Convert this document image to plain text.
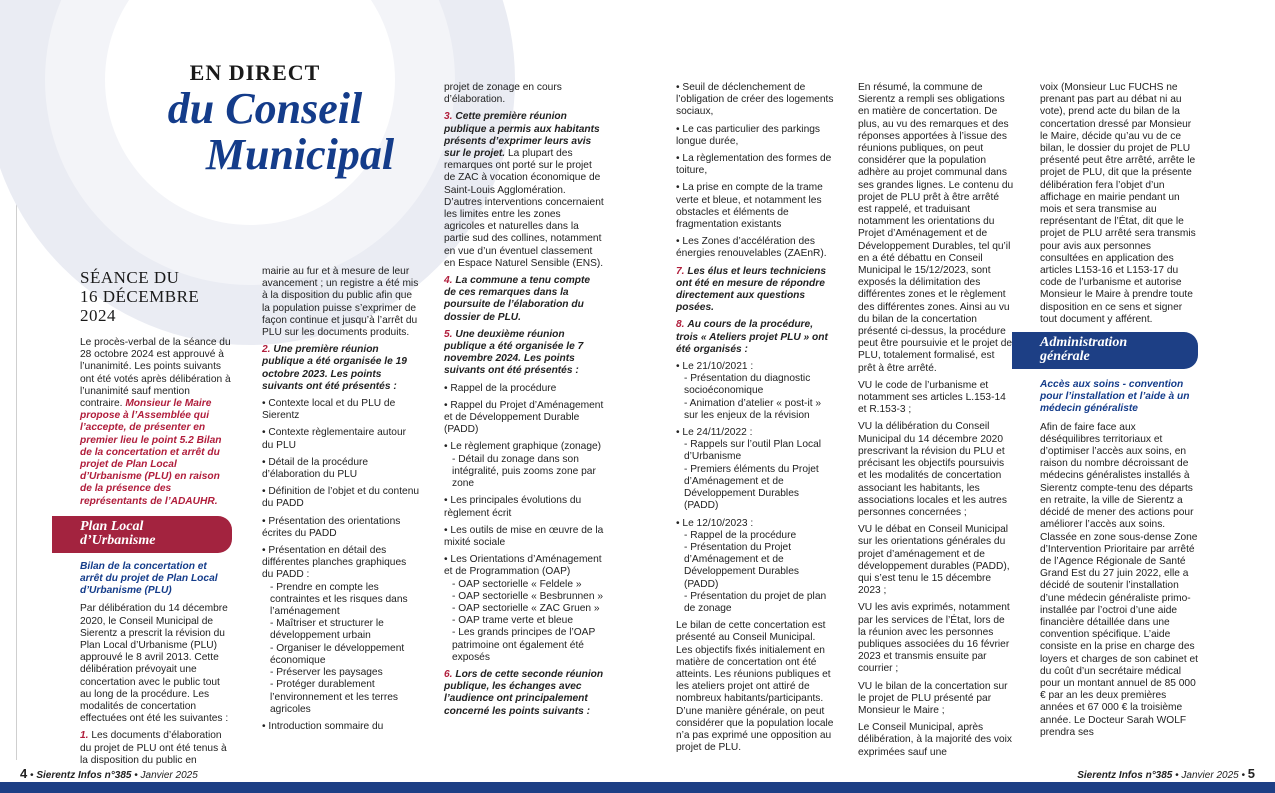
CONSEIL MUNICIPAL	EN DIRECT
du Conseil
Municipal
SÉANCE DU
16 DÉCEMBRE 2024

Le procès-verbal de la séance du 28 octobre 2024 est approuvé à l’unanimité. Les points suivants ont été votés après délibération à l’unanimité sauf mention contraire. Monsieur le Maire propose à l’Assemblée qui l’accepte, de présenter en premier lieu le point 5.2 Bilan de la concertation et arrêt du projet de Plan Local d’Urbanisme (PLU) en raison de la présence des représentants de l’ADAUHR.

Plan Local
d’Urbanisme
Bilan de la concertation et arrêt du projet de Plan Local d’Urbanisme (PLU)

Par délibération du 14 décembre 2020, le Conseil Municipal de Sierentz a prescrit la révision du Plan Local d’Urbanisme (PLU) approuvé le 8 avril 2013. Cette délibération prévoyait une concertation avec le public tout au long de la procédure. Les modalités de concertation effectuées ont été les suivantes :

1. Les documents d’élaboration du projet de PLU ont été tenus à la disposition du public en

mairie au fur et à mesure de leur avancement ; un registre a été mis à la disposition du public afin que la population puisse s’exprimer de façon continue et jusqu’à l’arrêt du PLU sur les documents produits.

2. Une première réunion publique a été organisée le 19 octobre 2023. Les points suivants ont été présentés :

• Contexte local et du PLU de Sierentz
• Contexte règlementaire autour du PLU
• Détail de la procédure d’élaboration du PLU
• Définition de l’objet et du contenu du PADD
• Présentation des orientations écrites du PADD
• Présentation en détail des différentes planches graphiques du PADD :
- Prendre en compte les contraintes et les risques dans l’aménagement
- Maîtriser et structurer le développement urbain
- Organiser le développement économique
- Préserver les paysages
- Protéger durablement l’environnement et les terres agricoles
• Introduction sommaire du

projet de zonage en cours d’élaboration.

3. Cette première réunion publique a permis aux habitants présents d’exprimer leurs avis sur le projet. La plupart des remarques ont porté sur le projet de ZAC à vocation économique de Saint-Louis Agglomération. D’autres interventions concernaient les limites entre les zones agricoles et naturelles dans la partie sud des collines, notamment en vue d’un éventuel classement en Espace Naturel Sensible (ENS).

4. La commune a tenu compte de ces remarques dans la poursuite de l’élaboration du dossier de PLU.

5. Une deuxième réunion publique a été organisée le 7 novembre 2024. Les points suivants ont été présentés :

• Rappel de la procédure
• Rappel du Projet d’Aménagement et de Développement Durable (PADD)
• Le règlement graphique (zonage)
- Détail du zonage dans son intégralité, puis zooms zone par zone
• Les principales évolutions du règlement écrit
• Les outils de mise en œuvre de la mixité sociale
• Les Orientations d’Aménagement et de Programmation (OAP)
- OAP sectorielle « Feldele »
- OAP sectorielle « Besbrunnen »
- OAP sectorielle « ZAC Gruen »
- OAP trame verte et bleue
- Les grands principes de l’OAP patrimoine ont également été exposés

6. Lors de cette seconde réunion publique, les échanges avec l’audience ont principalement concerné les points suivants :

• Seuil de déclenchement de l’obligation de créer des logements sociaux,
• Le cas particulier des parkings longue durée,
• La règlementation des formes de toiture,
• La prise en compte de la trame verte et bleue, et notamment les obstacles et éléments de fragmentation existants
• Les Zones d’accélération des énergies renouvelables (ZAEnR).

7. Les élus et leurs techniciens ont été en mesure de répondre directement aux questions posées.

8. Au cours de la procédure, trois « Ateliers projet PLU » ont été organisés :

• Le 21/10/2021 :
- Présentation du diagnostic socioéconomique
- Animation d’atelier « post-it » sur les enjeux de la révision
• Le 24/11/2022 :
- Rappels sur l’outil Plan Local d’Urbanisme
- Premiers éléments du Projet d’Aménagement et de Développement Durables (PADD)
• Le 12/10/2023 :
- Rappel de la procédure
- Présentation du Projet d’Aménagement et de Développement Durables (PADD)
- Présentation du projet de plan de zonage

Le bilan de cette concertation est présenté au Conseil Municipal. Les objectifs fixés initialement en matière de concertation ont été atteints. Les réunions publiques et les ateliers projet ont attiré de nombreux habitants/participants. D’une manière générale, on peut considérer que la population locale n’a pas exprimé une opposition au projet de PLU.

En résumé, la commune de Sierentz a rempli ses obligations en matière de concertation. De plus, au vu des remarques et des réponses apportées à l’issue des réunions publiques, on peut considérer que la population adhère au projet communal dans ses grandes lignes. Le contenu du projet de PLU prêt à être arrêté est rappelé, et traduisant notamment les orientations du Projet d’Aménagement et de Développement Durables, tel qu’il en a été débattu en Conseil Municipal le 15/12/2023, sont exposés la délimitation des différentes zones et le règlement des différentes zones. Ainsi au vu du bilan de la concertation présenté ci-dessus, la procédure peut être poursuivie et le projet de PLU, totalement formalisé, est prêt à être arrêté.

VU le code de l’urbanisme et notamment ses articles L.153-14 et R.153-3 ;

VU la délibération du Conseil Municipal du 14 décembre 2020 prescrivant la révision du PLU et précisant les objectifs poursuivis et les modalités de concertation associant les habitants, les associations locales et les autres personnes concernées ;

VU le débat en Conseil Municipal sur les orientations générales du projet d’aménagement et de développement durables (PADD), qui s’est tenu le 15 décembre 2023 ;

VU les avis exprimés, notamment par les services de l’État, lors de la réunion avec les personnes publiques associées du 16 février 2023 et transmis ensuite par courrier ;

VU le bilan de la concertation sur le projet de PLU présenté par Monsieur le Maire ;

Le Conseil Municipal, après délibération, à la majorité des voix exprimées sauf une

voix (Monsieur Luc FUCHS ne prenant pas part au débat ni au vote), prend acte du bilan de la concertation dressé par Monsieur le Maire, décide qu’au vu de ce bilan, le dossier du projet de PLU présenté peut être arrêté, arrête le projet de PLU, dit que la présente délibération fera l’objet d’un affichage en mairie pendant un mois et sera transmise au représentant de l’État, dit que le projet de PLU arrêté sera transmis pour avis aux personnes consultées en application des articles L153-16 et L153-17 du code de l’urbanisme et autorise Monsieur le Maire à prendre toute disposition en ce sens et signer tout document y afférent.

Administration
générale
Accès aux soins - convention pour l’installation et l’aide à un médecin généraliste

Afin de faire face aux déséquilibres territoriaux et d’optimiser l’accès aux soins, en raison du nombre décroissant de médecins généralistes installés à Sierentz compte-tenu des départs en retraite, la ville de Sierentz a décidé de mener des actions pour améliorer l’accès aux soins. Classée en zone sous-dense Zone d’Intervention Prioritaire par arrêté de l’Agence Régionale de Santé Grand Est du 27 juin 2022, elle a décidé de soutenir l’installation d’une médecin généraliste primo-installée par l’octroi d’une aide financière détaillée dans une convention spécifique. L’aide consiste en la prise en charge des loyers et charges de son cabinet et du coût d’un secrétaire médical pour un montant annuel de 85 000 € par an les deux premières années et 67 000 € la troisième année. Le Docteur Sarah WOLF prendra ses

4 • Sierentz Infos n°385 • Janvier 2025	Sierentz Infos n°385 • Janvier 2025 • 5
